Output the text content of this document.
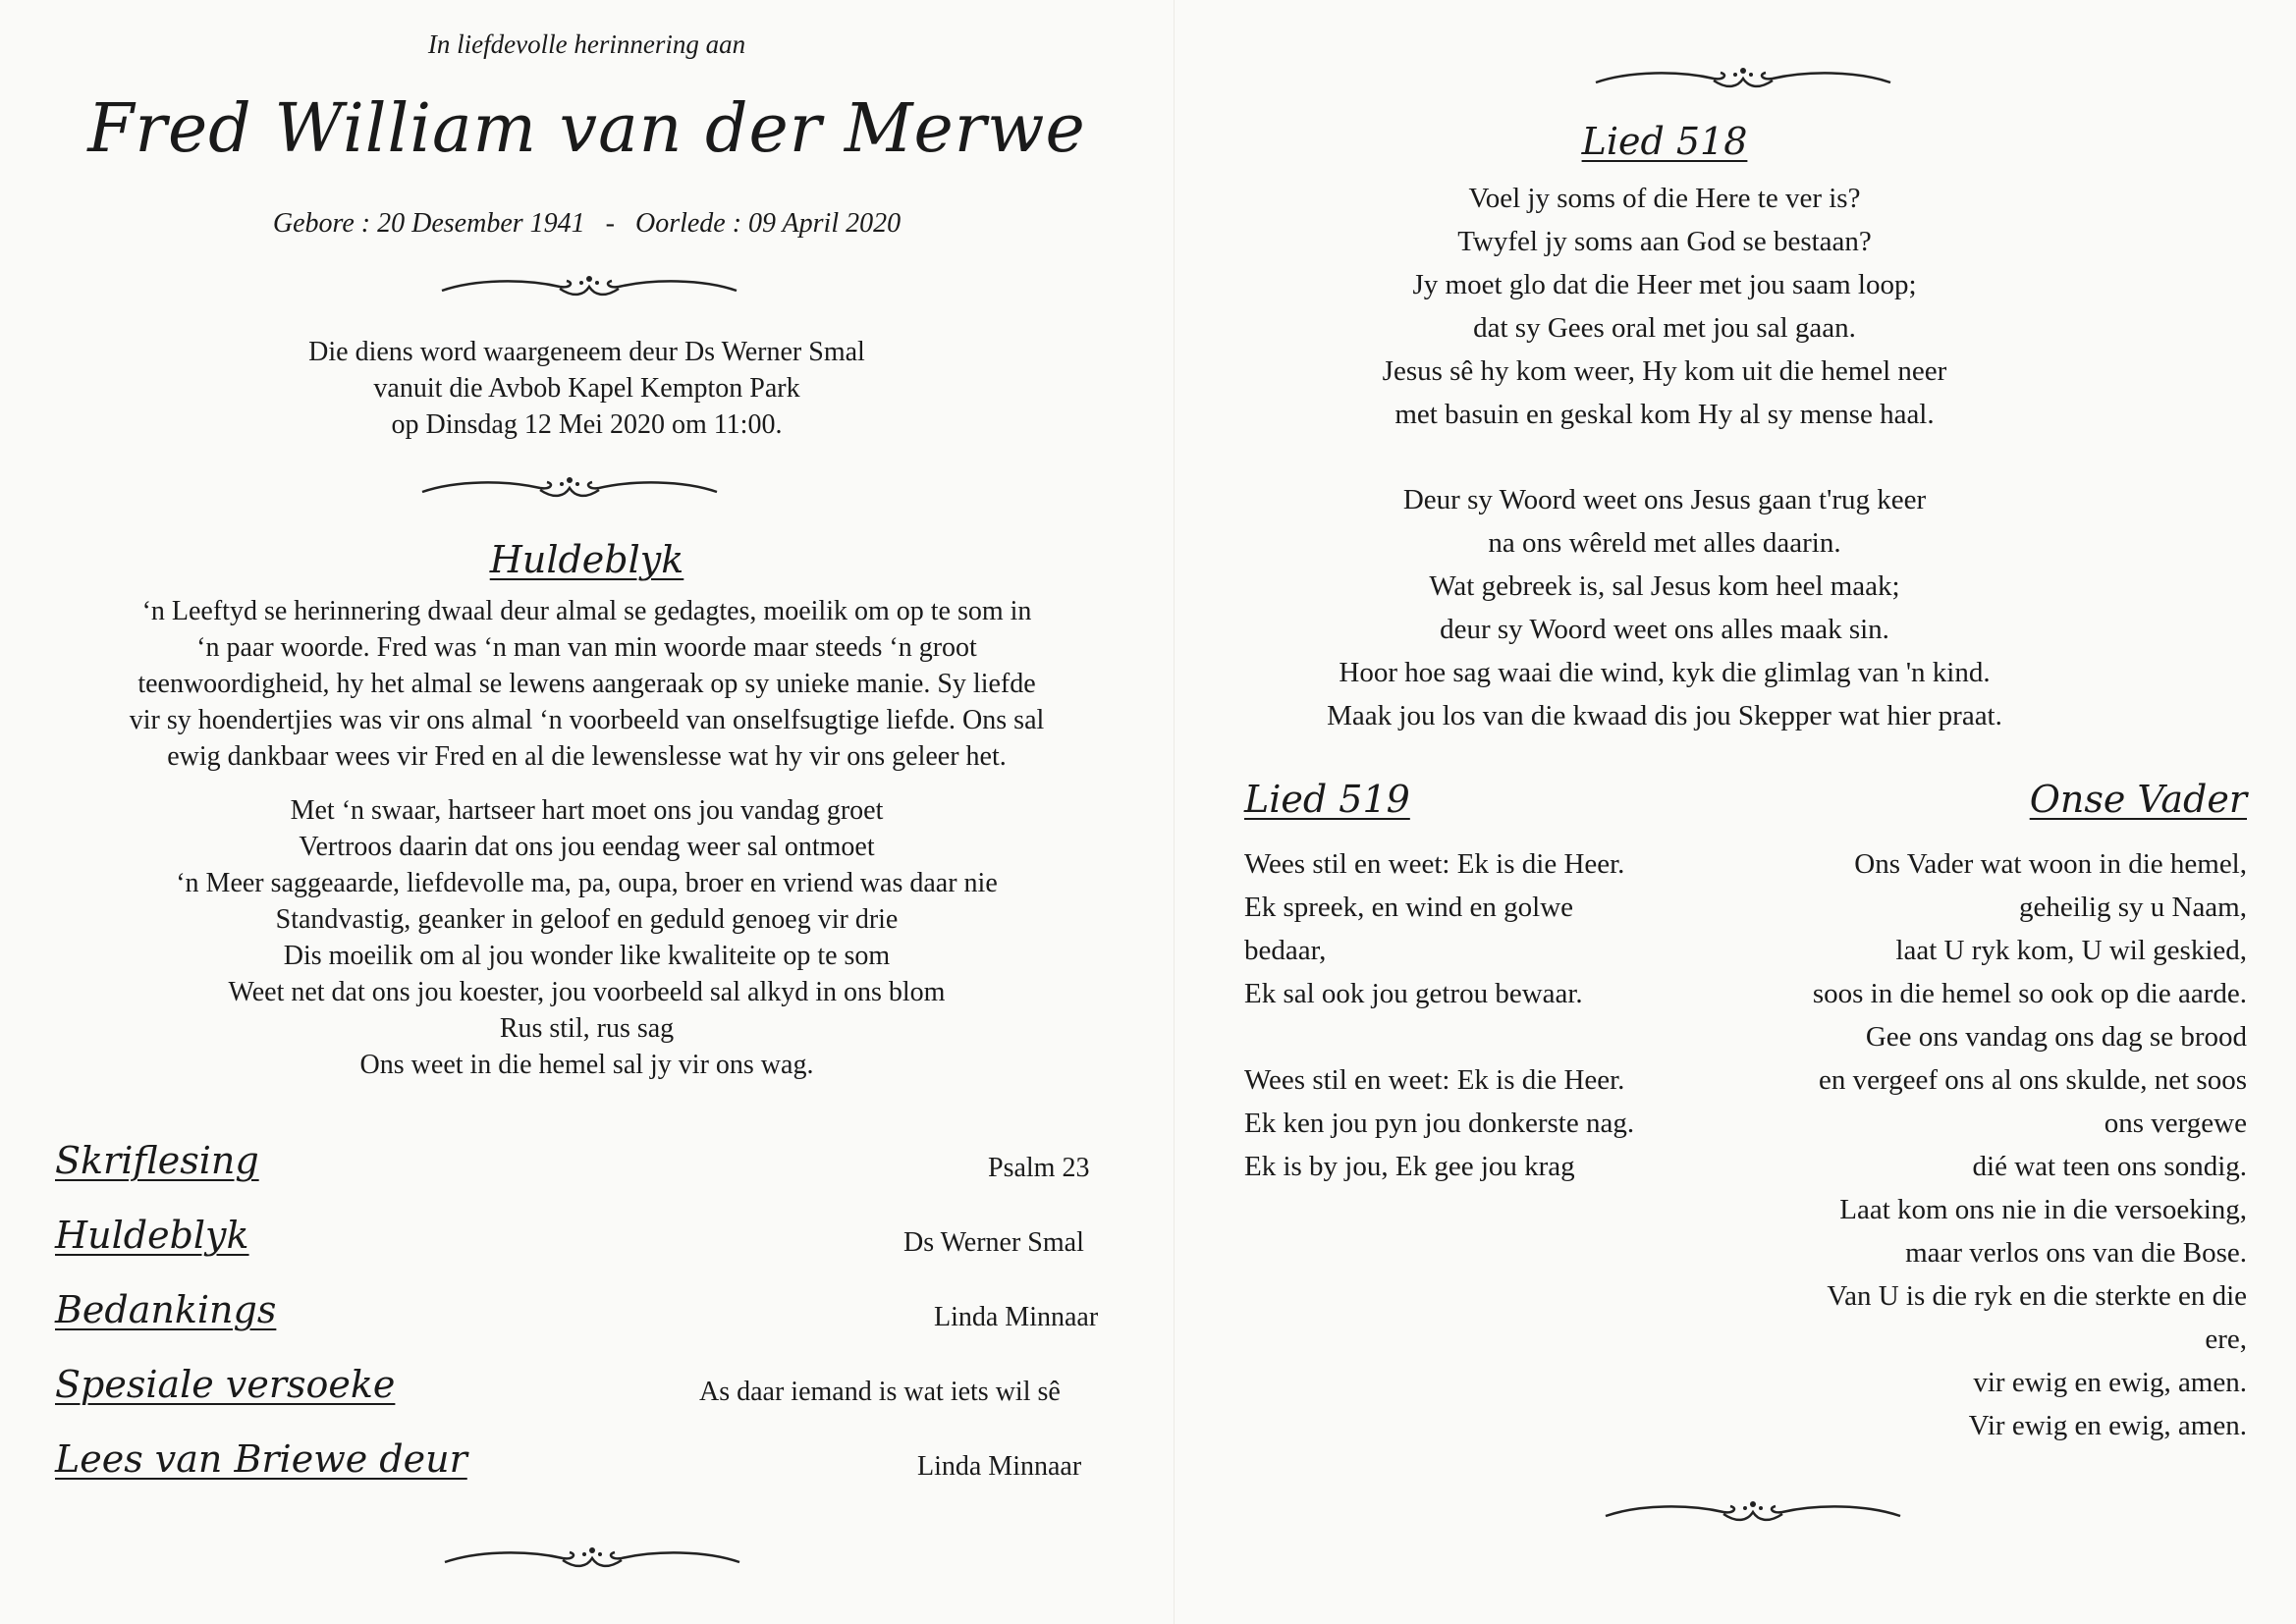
In liefdevolle herinnering aan
Fred William van der Merwe
Gebore : 20 Desember 1941   -   Oorlede : 09 April 2020
Die diens word waargeneem deur Ds Werner Smal
vanuit die Avbob Kapel Kempton Park
op Dinsdag 12 Mei 2020 om 11:00.
Huldeblyk
‘n Leeftyd se herinnering dwaal deur almal se gedagtes, moeilik om op te som in
‘n paar woorde. Fred was ‘n man van min woorde maar steeds ‘n groot
teenwoordigheid, hy het almal se lewens aangeraak op sy unieke manie. Sy liefde
vir sy hoendertjies was vir ons almal ‘n voorbeeld van onselfsugtige liefde. Ons sal
ewig dankbaar wees vir Fred en al die lewenslesse wat hy vir ons geleer het.
Met ‘n swaar, hartseer hart moet ons jou vandag groet
Vertroos daarin dat ons jou eendag weer sal ontmoet
‘n Meer saggeaarde, liefdevolle ma, pa, oupa, broer en vriend was daar nie
Standvastig, geanker in geloof en geduld genoeg vir drie
Dis moeilik om al jou wonder like kwaliteite op te som
Weet net dat ons jou koester, jou voorbeeld sal alkyd in ons blom
Rus stil, rus sag
Ons weet in die hemel sal jy vir ons wag.
Skriflesing	Psalm 23
Huldeblyk	Ds Werner Smal
Bedankings	Linda Minnaar
Spesiale versoeke	As daar iemand is wat iets wil sê
Lees van Briewe deur	Linda Minnaar
Lied 518
Voel jy soms of die Here te ver is?
Twyfel jy soms aan God se bestaan?
Jy moet glo dat die Heer met jou saam loop;
dat sy Gees oral met jou sal gaan.
Jesus sê hy kom weer, Hy kom uit die hemel neer
met basuin en geskal kom Hy al sy mense haal.
Deur sy Woord weet ons Jesus gaan t'rug keer
na ons wêreld met alles daarin.
Wat gebreek is, sal Jesus kom heel maak;
deur sy Woord weet ons alles maak sin.
Hoor hoe sag waai die wind, kyk die glimlag van 'n kind.
Maak jou los van die kwaad dis jou Skepper wat hier praat.
Lied 519
Wees stil en weet: Ek is die Heer.
Ek spreek, en wind en golwe
bedaar,
Ek sal ook jou getrou bewaar.
Wees stil en weet: Ek is die Heer.
Ek ken jou pyn jou donkerste nag.
Ek is by jou, Ek gee jou krag
Onse Vader
Ons Vader wat woon in die hemel,
geheilig sy u Naam,
laat U ryk kom, U wil geskied,
soos in die hemel so ook op die aarde.
Gee ons vandag ons dag se brood
en vergeef ons al ons skulde, net soos
ons vergewe
dié wat teen ons sondig.
Laat kom ons nie in die versoeking,
maar verlos ons van die Bose.
Van U is die ryk en die sterkte en die
ere,
vir ewig en ewig, amen.
Vir ewig en ewig, amen.
